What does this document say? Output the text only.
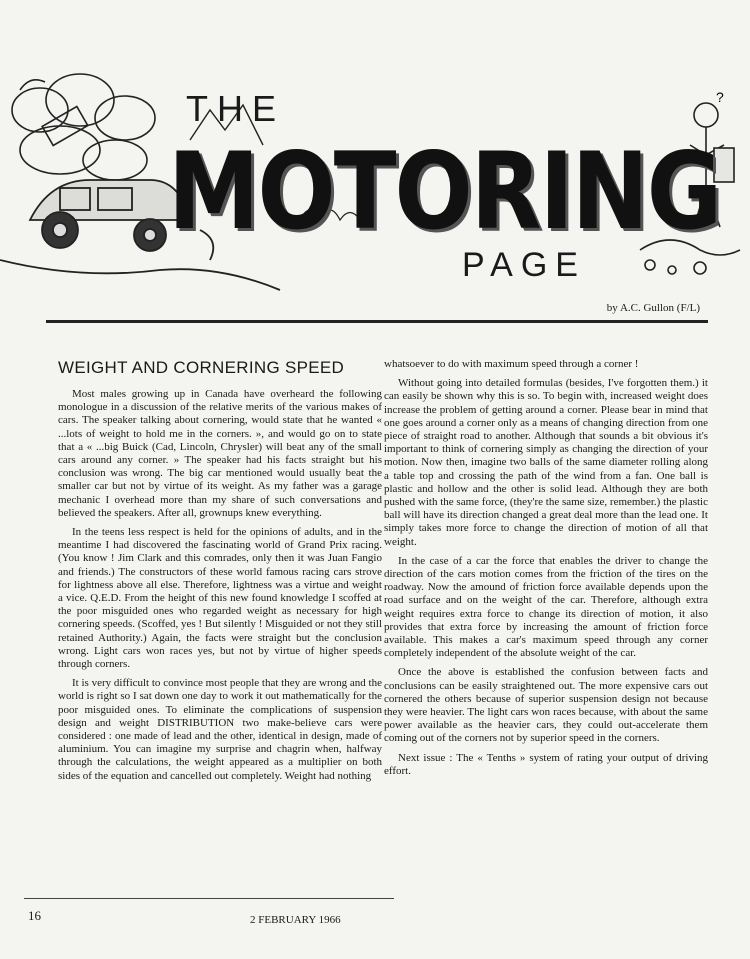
?
THE
MOTORING
PAGE
by A.C. Gullon (F/L)
WEIGHT AND CORNERING SPEED

Most males growing up in Canada have overheard the following monologue in a discussion of the relative merits of the various makes of cars. The speaker talking about cornering, would state that he wanted « ...lots of weight to hold me in the corners. », and would go on to state that a « ...big Buick (Cad, Lincoln, Chrysler) will beat any of the small cars around any corner. » The speaker had his facts straight but his conclusion was wrong. The big car mentioned would usually beat the smaller car but not by virtue of its weight. As my father was a garage mechanic I overhead more than my share of such conversations and believed the speakers. After all, grownups knew everything.

In the teens less respect is held for the opinions of adults, and in the meantime I had discovered the fascinating world of Grand Prix racing. (You know ! Jim Clark and this comrades, only then it was Juan Fangio and friends.) The constructors of these world famous racing cars strove for lightness above all else. Therefore, lightness was a virtue and weight a vice. Q.E.D. From the height of this new found knowledge I scoffed at the poor misguided ones who regarded weight as necessary for high cornering speeds. (Scoffed, yes ! But silently ! Misguided or not they still retained Authority.) Again, the facts were straight but the conclusion wrong. Light cars won races yes, but not by virtue of higher speeds through corners.

It is very difficult to convince most people that they are wrong and the world is right so I sat down one day to work it out mathematically for the poor misguided ones. To eliminate the complications of suspension design and weight DISTRIBUTION two make-believe cars were considered : one made of lead and the other, identical in design, made of aluminium. You can imagine my surprise and chagrin when, halfway through the calculations, the weight appeared as a multiplier on both sides of the equation and cancelled out completely. Weight had nothing

whatsoever to do with maximum speed through a corner !

Without going into detailed formulas (besides, I've forgotten them.) it can easily be shown why this is so. To begin with, increased weight does increase the problem of getting around a corner. Please bear in mind that one goes around a corner only as a means of changing direction from one piece of straight road to another. Although that sounds a bit obvious it's important to think of cornering simply as changing the direction of your motion. Now then, imagine two balls of the same diameter rolling along a table top and crossing the path of the wind from a fan. One ball is plastic and hollow and the other is solid lead. Although they are both pushed with the same force, (they're the same size, remember.) the plastic ball will have its direction changed a great deal more than the lead one. It simply takes more force to change the direction of motion of all that weight.

In the case of a car the force that enables the driver to change the direction of the cars motion comes from the friction of the tires on the roadway. Now the amound of friction force available depends upon the road surface and on the weight of the car. Therefore, although extra weight requires extra force to change its direction of motion, it also provides that extra force by increasing the amount of friction force available. This makes a car's maximum speed through any corner completely independent of the absolute weight of the car.

Once the above is established the confusion between facts and conclusions can be easily straightened out. The more expensive cars out cornered the others because of superior suspension design not because they were heavier. The light cars won races because, with about the same power available as the heavier cars, they could out-accelerate them coming out of the corners not by superior speed in the corners.

Next issue : The « Tenths » system of rating your output of driving effort.

16	2 FEBRUARY 1966
